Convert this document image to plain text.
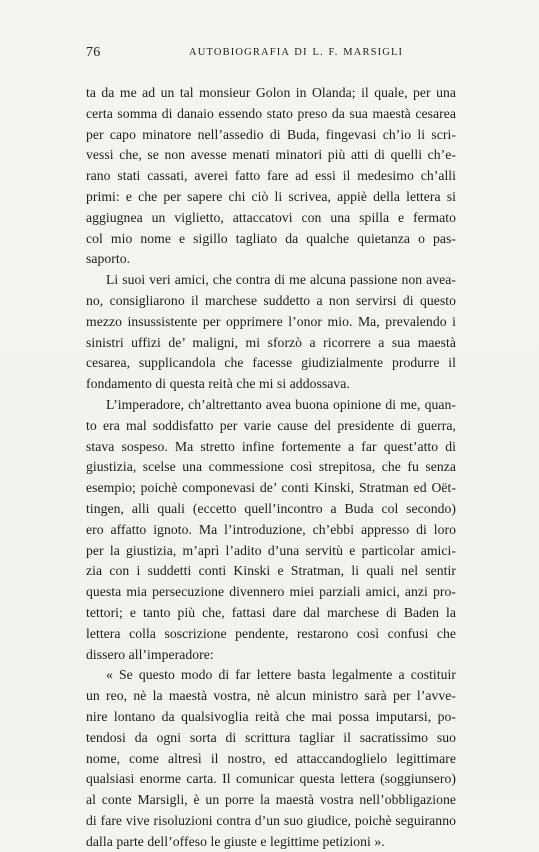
76	AUTOBIOGRAFIA DI L. F. MARSIGLI
ta da me ad un tal monsieur Golon in Olanda; il quale, per una
certa somma di danaio essendo stato preso da sua maestà cesarea
per capo minatore nell’assedio di Buda, fingevasi ch’io li scri-
vessi che, se non avesse menati minatori più atti di quelli ch’e-
rano stati cassati, averei fatto fare ad essi il medesimo ch’alli
primi: e che per sapere chi ciò li scrivea, appiè della lettera si
aggiugnea un viglietto, attaccatovi con una spilla e fermato
col mio nome e sigillo tagliato da qualche quietanza o pas-
saporto.
Li suoi veri amici, che contra di me alcuna passione non avea-
no, consigliarono il marchese suddetto a non servirsi di questo
mezzo insussistente per opprimere l’onor mio. Ma, prevalendo i
sinistri uffizi de’ maligni, mi sforzò a ricorrere a sua maestà
cesarea, supplicandola che facesse giudizialmente produrre il
fondamento di questa reità che mi si addossava.
L’imperadore, ch’altrettanto avea buona opinione di me, quan-
to era mal soddisfatto per varie cause del presidente di guerra,
stava sospeso. Ma stretto infine fortemente a far quest’atto di
giustizia, scelse una commessione così strepitosa, che fu senza
esempio; poichè componevasi de’ conti Kinski, Stratman ed Oët-
tingen, alli quali (eccetto quell’incontro a Buda col secondo)
ero affatto ignoto. Ma l’introduzione, ch’ebbi appresso di loro
per la giustizia, m’aprì l’adito d’una servitù e particolar amici-
zia con i suddetti conti Kinski e Stratman, li quali nel sentir
questa mia persecuzione divennero miei parziali amici, anzi pro-
tettori; e tanto più che, fattasi dare dal marchese di Baden la
lettera colla soscrizione pendente, restarono così confusi che
dissero all’imperadore:
« Se questo modo di far lettere basta legalmente a costituir
un reo, nè la maestà vostra, nè alcun ministro sarà per l’avve-
nire lontano da qualsivoglia reità che mai possa imputarsi, po-
tendosi da ogni sorta di scrittura tagliar il sacratissimo suo
nome, come altresì il nostro, ed attaccandoglielo legittimare
qualsiasi enorme carta. Il comunicar questa lettera (soggiunsero)
al conte Marsigli, è un porre la maestà vostra nell’obbligazione
di fare vive risoluzioni contra d’un suo giudice, poichè seguiranno
dalla parte dell’offeso le giuste e legittime petizioni ».
